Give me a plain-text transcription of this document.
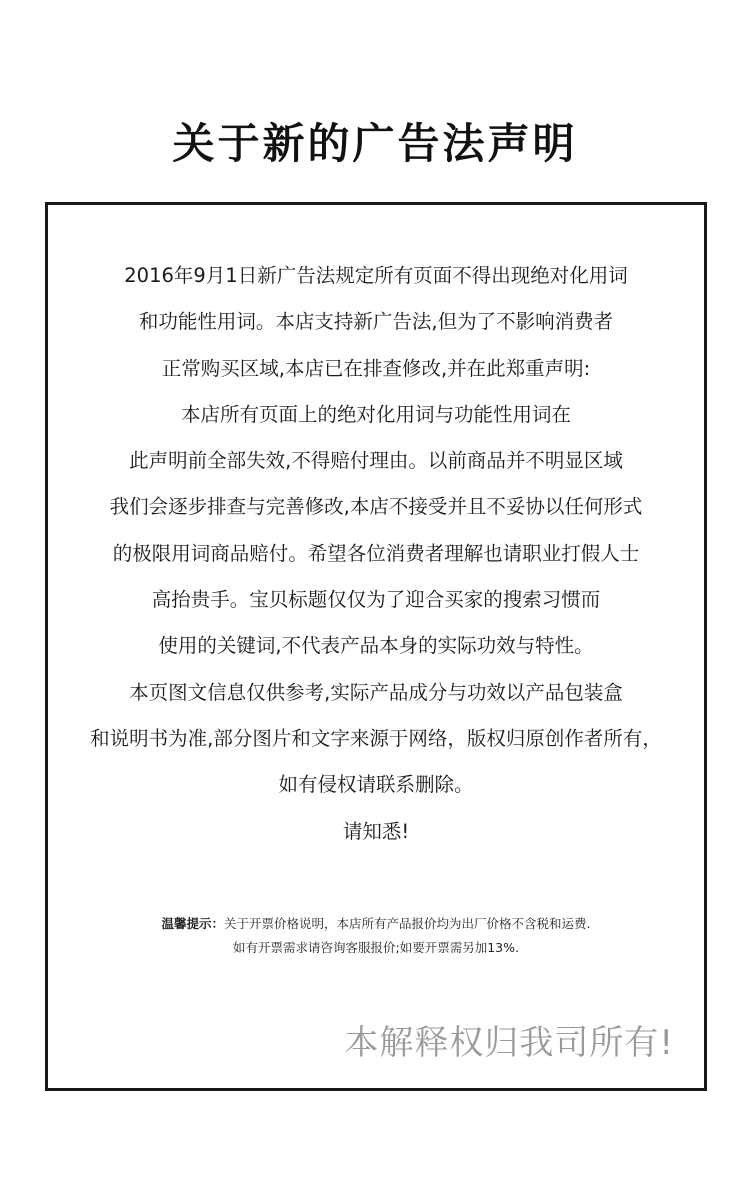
关于新的广告法声明
2016年9月1日新广告法规定所有页面不得出现绝对化用词
和功能性用词。本店支持新广告法,但为了不影响消费者
正常购买区域,本店已在排查修改,并在此郑重声明:
本店所有页面上的绝对化用词与功能性用词在
此声明前全部失效,不得赔付理由。以前商品并不明显区域
我们会逐步排查与完善修改,本店不接受并且不妥协以任何形式
的极限用词商品赔付。希望各位消费者理解也请职业打假人士
高抬贵手。宝贝标题仅仅为了迎合买家的搜索习惯而
使用的关键词,不代表产品本身的实际功效与特性。
本页图文信息仅供参考,实际产品成分与功效以产品包装盒
和说明书为准,部分图片和文字来源于网络，版权归原创作者所有，
如有侵权请联系删除。
请知悉!
温馨提示：关于开票价格说明，本店所有产品报价均为出厂价格不含税和运费.
如有开票需求请咨询客服报价;如要开票需另加13%.
本解释权归我司所有!
